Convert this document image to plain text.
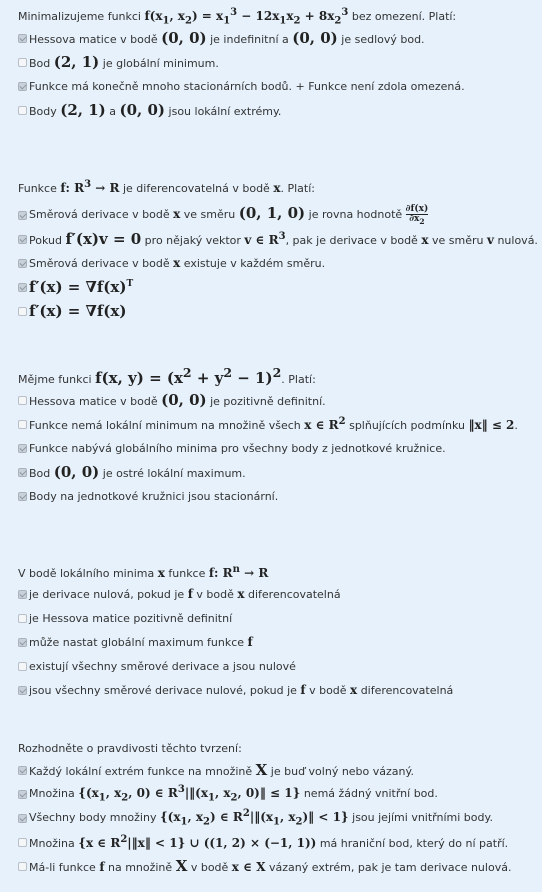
Minimalizujeme funkci $f(x_1$, $x_2) = x_1^3 - 12x_1x_2 + 8x_2^3$ bez omezení. Platí:

Hessova matice v bodě (0, 0) je indefinitní a (0, 0) je sedlový bod.
Bod (2, 1) je globální minimum.
Funkce má konečně mnoho stacionárních bodů. + Funkce není zdola omezená.
Body (2, 1) a (0, 0) jsou lokální extrémy.

Funkce f: $R^3 \to R$ je diferencovatelná v bodě x. Platí:

Směrová derivace v bodě x ve směru (0, 1, 0) je rovna hodnotě ∂f(x)

$\partial x_2$
Pokud f′(x)v = 0 pro nějaký vektor v ∈ $R^3$, pak je derivace v bodě x ve směru v nulová.
Směrová derivace v bodě x existuje v každém směru.
$f'(x) = \nabla f(x)^T$
f′(x) = ∇f(x)

Mějme funkci f(x, $y) = (x^2 + y^2 - 1)^2$. Platí:

Hessova matice v bodě (0, 0) je pozitivně definitní.
Funkce nemá lokální minimum na množině všech x ∈ $R^2$ splňujících podmínku ‖x‖ ≤ 2.
Funkce nabývá globálního minima pro všechny body z jednotkové kružnice.
Bod (0, 0) je ostré lokální maximum.
Body na jednotkové kružnici jsou stacionární.

V bodě lokálního minima x funkce f: $R^n \to R$

je derivace nulová, pokud je f v bodě x diferencovatelná
je Hessova matice pozitivně definitní
může nastat globální maximum funkce f
existují všechny směrové derivace a jsou nulové
jsou všechny směrové derivace nulové, pokud je f v bodě x diferencovatelná

Rozhodněte o pravdivosti těchto tvrzení:

Každý lokální extrém funkce na množině X je buď volný nebo vázaný.
Množina {($x_1$, $x_2$, 0) ∈ $R^3|‖(x_1$, $x_2$, 0)‖ ≤ 1} nemá žádný vnitřní bod.
Všechny body množiny {($x_1$, $x_2$) ∈ $R^2|‖(x_1$, $x_2)‖ < 1$} jsou jejími vnitřními body.
Množina {x ∈ $R^2|‖x‖ < 1$} ∪ ((1, 2) × (−1, 1)) má hraniční bod, který do ní patří.
Má-li funkce f na množině X v bodě x ∈ X vázaný extrém, pak je tam derivace nulová.
